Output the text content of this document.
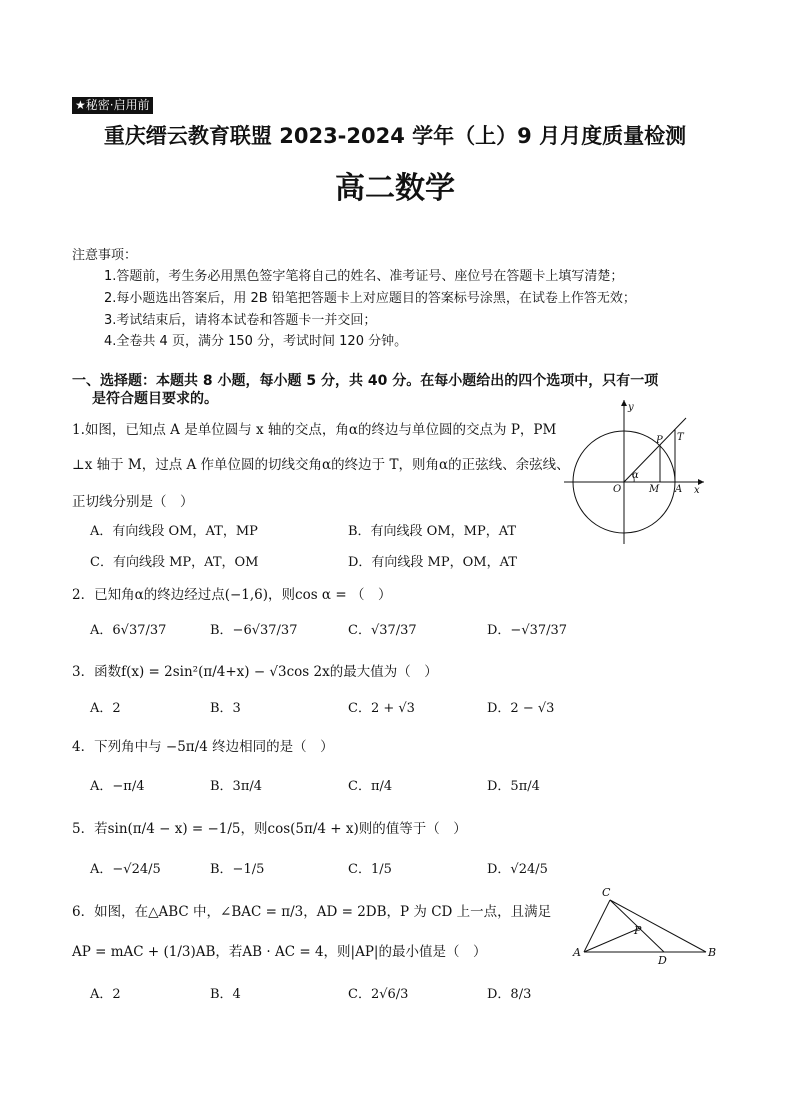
★秘密·启用前
重庆缙云教育联盟 2023-2024 学年（上）9 月月度质量检测
高二数学
注意事项：
1.答题前，考生务必用黑色签字笔将自己的姓名、准考证号、座位号在答题卡上填写清楚；
2.每小题选出答案后，用 2B 铅笔把答题卡上对应题目的答案标号涂黑，在试卷上作答无效；
3.考试结束后，请将本试卷和答题卡一并交回；
4.全卷共 4 页，满分 150 分，考试时间 120 分钟。
一、选择题：本题共 8 小题，每小题 5 分，共 40 分。在每小题给出的四个选项中，只有一项
是符合题目要求的。
1.如图，已知点 A 是单位圆与 x 轴的交点，角α的终边与单位圆的交点为 P，PM
⊥x 轴于 M，过点 A 作单位圆的切线交角α的终边于 T，则角α的正弦线、余弦线、
正切线分别是（　）
A．有向线段 OM，AT，MP	B．有向线段 OM，MP，AT
C．有向线段 MP，AT，OM	D．有向线段 MP，OM，AT
y
T
P
α
O	M A x
2．已知角α的终边经过点(−1,6)，则cos α = （　）
A．6√37/37	B．−6√37/37	C．√37/37	D．−√37/37
3．函数f(x) = 2sin²(π/4+x) − √3cos 2x的最大值为（　）
A．2	B．3	C．2 + √3	D．2 − √3
4．下列角中与 −5π/4 终边相同的是（　）
A．−π/4	B．3π/4	C．π/4	D．5π/4
5．若sin(π/4 − x) = −1/5，则cos(5π/4 + x)则的值等于（　）
A．−√24/5	B．−1/5	C．1/5	D．√24/5
6．如图，在△ABC 中，∠BAC = π/3，AD = 2DB，P 为 CD 上一点，且满足
AP = mAC + (1/3)AB，若AB · AC = 4，则|AP|的最小值是（　）
A．2	B．4	C．2√6/3	D．8/3
C
P
A
D
B
